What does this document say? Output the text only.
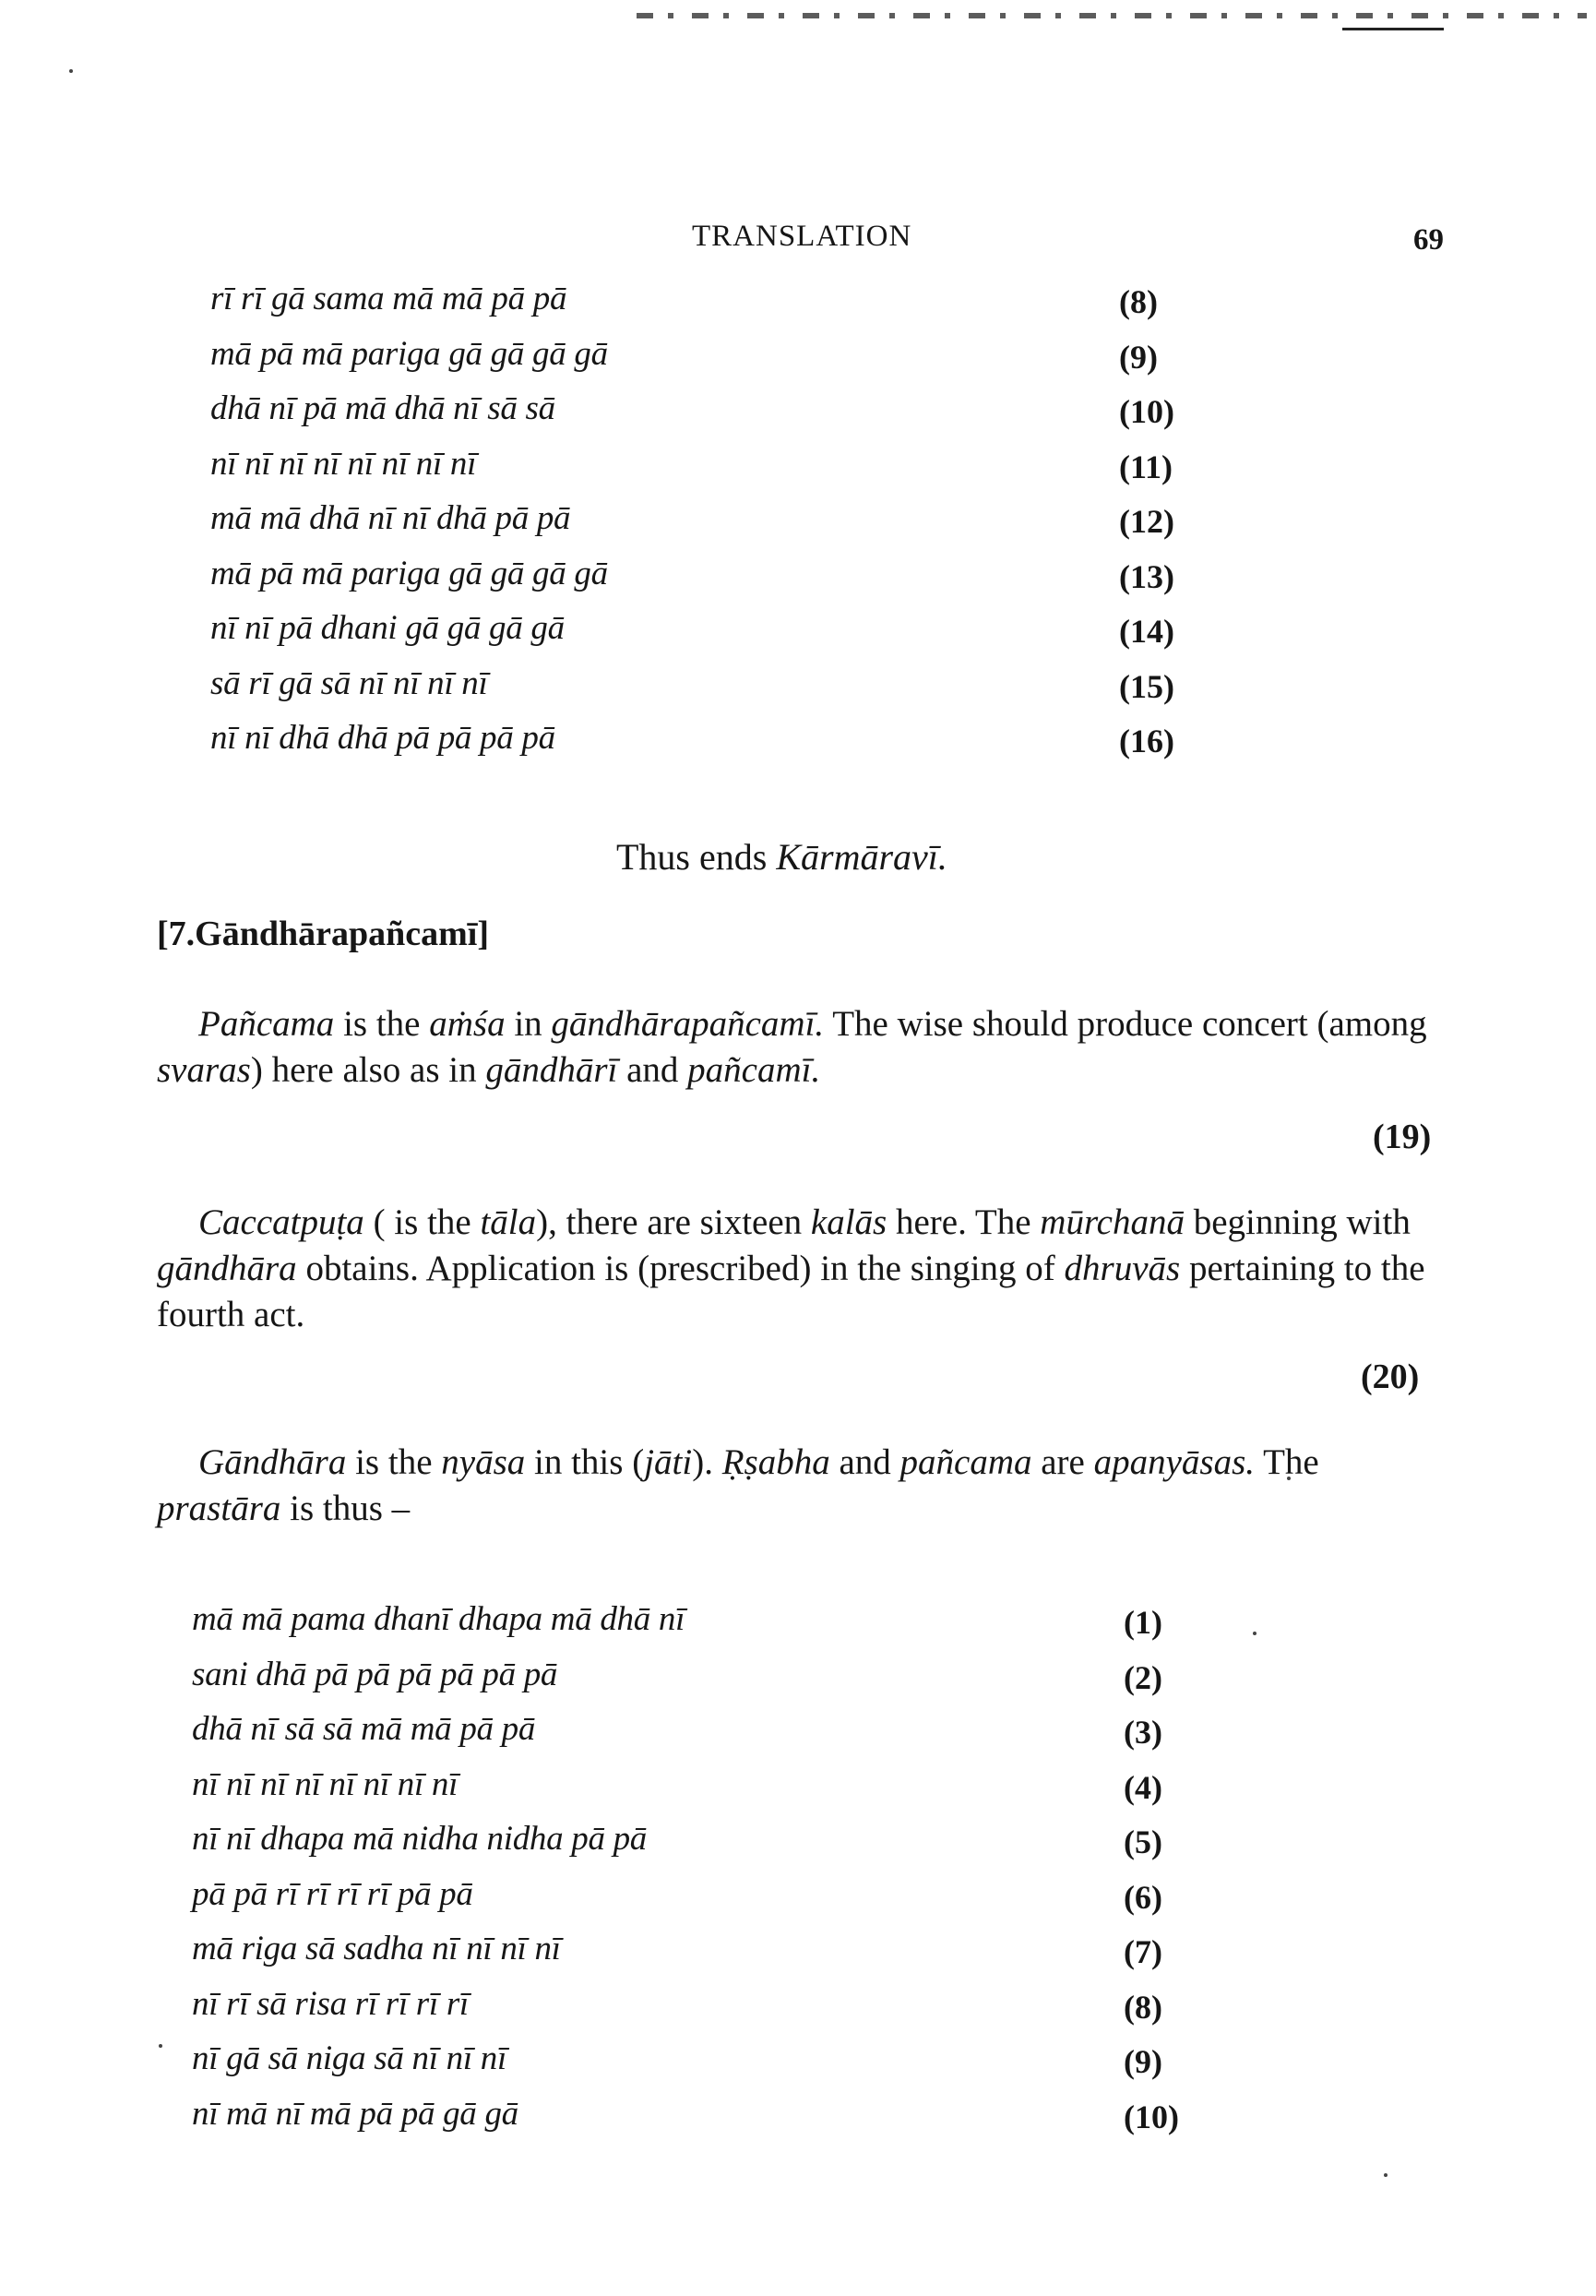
TRANSLATION	69
rī rī gā sama mā mā pā pā	(8)
mā pā mā pariga gā gā gā gā	(9)
dhā nī pā mā dhā nī sā sā	(10)
nī nī nī nī nī nī nī nī	(11)
mā mā dhā nī nī dhā pā pā	(12)
mā pā mā pariga gā gā gā gā	(13)
nī nī pā dhani gā gā gā gā	(14)
sā rī gā sā nī nī nī nī	(15)
nī nī dhā dhā pā pā pā pā	(16)
Thus ends Kārmāravī.
[7.Gāndhārapañcamī]

Pañcama is the aṁśa in gāndhārapañcamī. The wise should produce concert (among svaras) here also as in gāndhārī and pañcamī.

(19)

Caccatpuṭa ( is the tāla), there are sixteen kalās here. The mūrchanā beginning with gāndhāra obtains. Application is (prescribed) in the singing of dhruvās pertaining to the fourth act.

(20)

Gāndhāra is the nyāsa in this (jāti). Ṛṣabha and pañcama are apanyāsas. The prastāra is thus –

mā mā pama dhanī dhapa mā dhā nī	(1)
sani dhā pā pā pā pā pā pā	(2)
dhā nī sā sā mā mā pā pā	(3)
nī nī nī nī nī nī nī nī	(4)
nī nī dhapa mā nidha nidha pā pā	(5)
pā pā rī rī rī rī pā pā	(6)
mā riga sā sadha nī nī nī nī	(7)
nī rī sā risa rī rī rī rī	(8)
nī gā sā niga sā nī nī nī	(9)
nī mā nī mā pā pā gā gā	(10)
